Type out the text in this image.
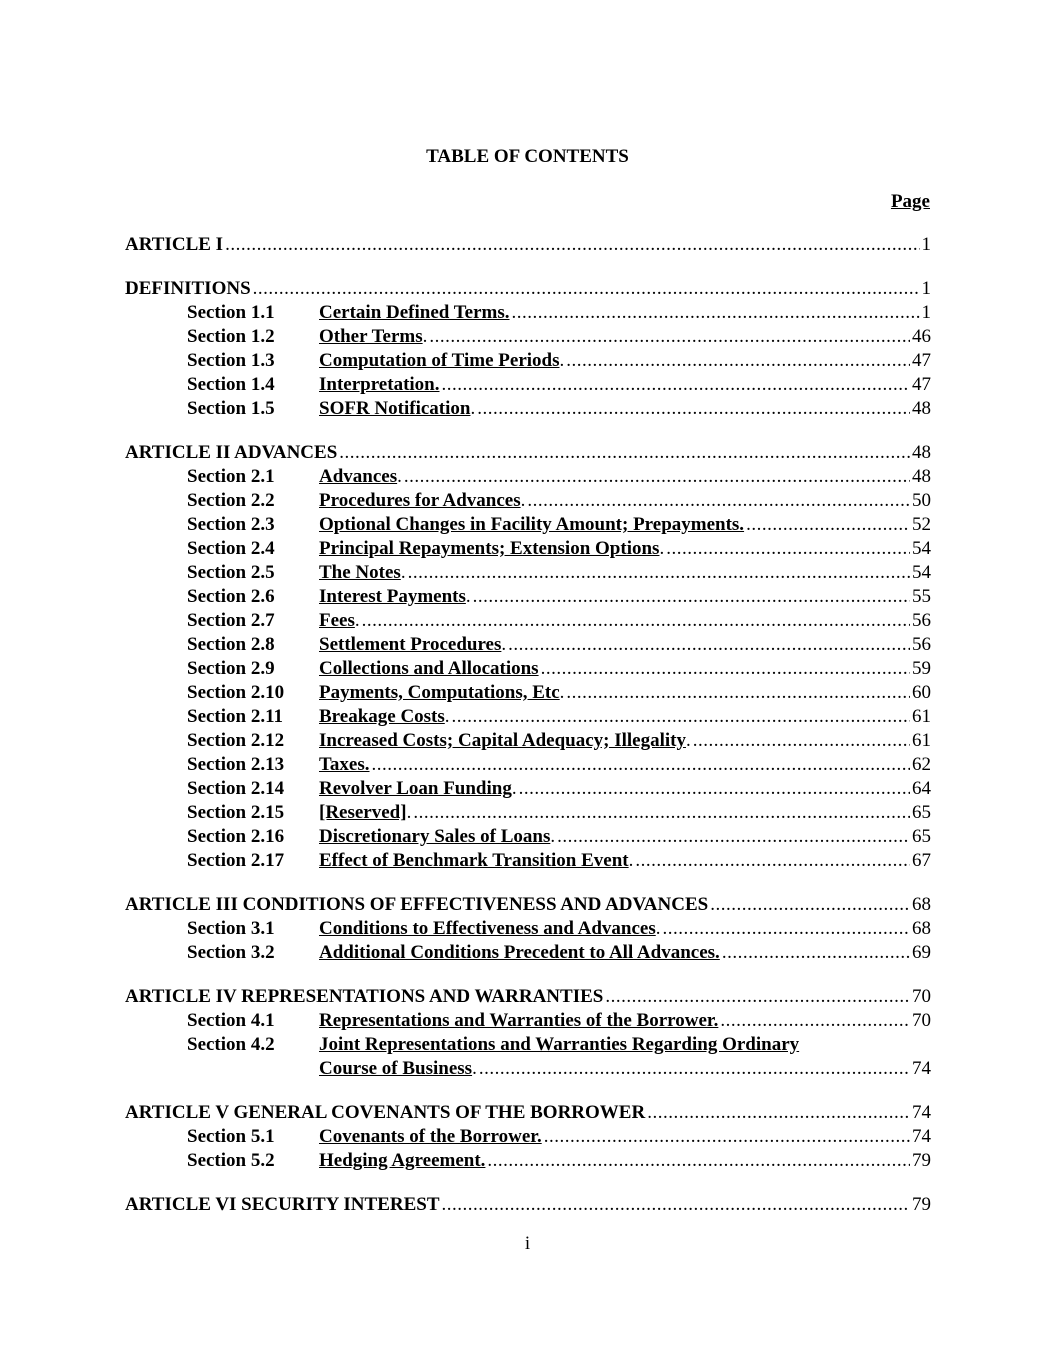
TABLE OF CONTENTS
Page
ARTICLE I .....	1
DEFINITIONS .....	1
Section 1.1 Certain Defined Terms. .....	1
Section 1.2 Other Terms . .....	46
Section 1.3 Computation of Time Periods . .....	47
Section 1.4 Interpretation. .....	47
Section 1.5 SOFR Notification . .....	48
ARTICLE II ADVANCES .....	48
Section 2.1 Advances . .....	48
Section 2.2 Procedures for Advances . .....	50
Section 2.3 Optional Changes in Facility Amount; Prepayments. .....	52
Section 2.4 Principal Repayments; Extension Options . .....	54
Section 2.5 The Notes . .....	54
Section 2.6 Interest Payments . .....	55
Section 2.7 Fees . .....	56
Section 2.8 Settlement Procedures . .....	56
Section 2.9 Collections and Allocations .....	59
Section 2.10 Payments, Computations, Etc . .....	60
Section 2.11 Breakage Costs . .....	61
Section 2.12 Increased Costs; Capital Adequacy; Illegality . .....	61
Section 2.13 Taxes. .....	62
Section 2.14 Revolver Loan Funding . .....	64
Section 2.15 [Reserved] . .....	65
Section 2.16 Discretionary Sales of Loans . .....	65
Section 2.17 Effect of Benchmark Transition Event . .....	67
ARTICLE III CONDITIONS OF EFFECTIVENESS AND ADVANCES .....	68
Section 3.1 Conditions to Effectiveness and Advances . .....	68
Section 3.2 Additional Conditions Precedent to All Advances. .....	69
ARTICLE IV REPRESENTATIONS AND WARRANTIES .....	70
Section 4.1 Representations and Warranties of the Borrower. .....	70
Section 4.2 Joint Representations and Warranties Regarding Ordinary
Course of Business . .....	74
ARTICLE V GENERAL COVENANTS OF THE BORROWER .....	74
Section 5.1 Covenants of the Borrower. .....	74
Section 5.2 Hedging Agreement. .....	79
ARTICLE VI SECURITY INTEREST .....	79
i
